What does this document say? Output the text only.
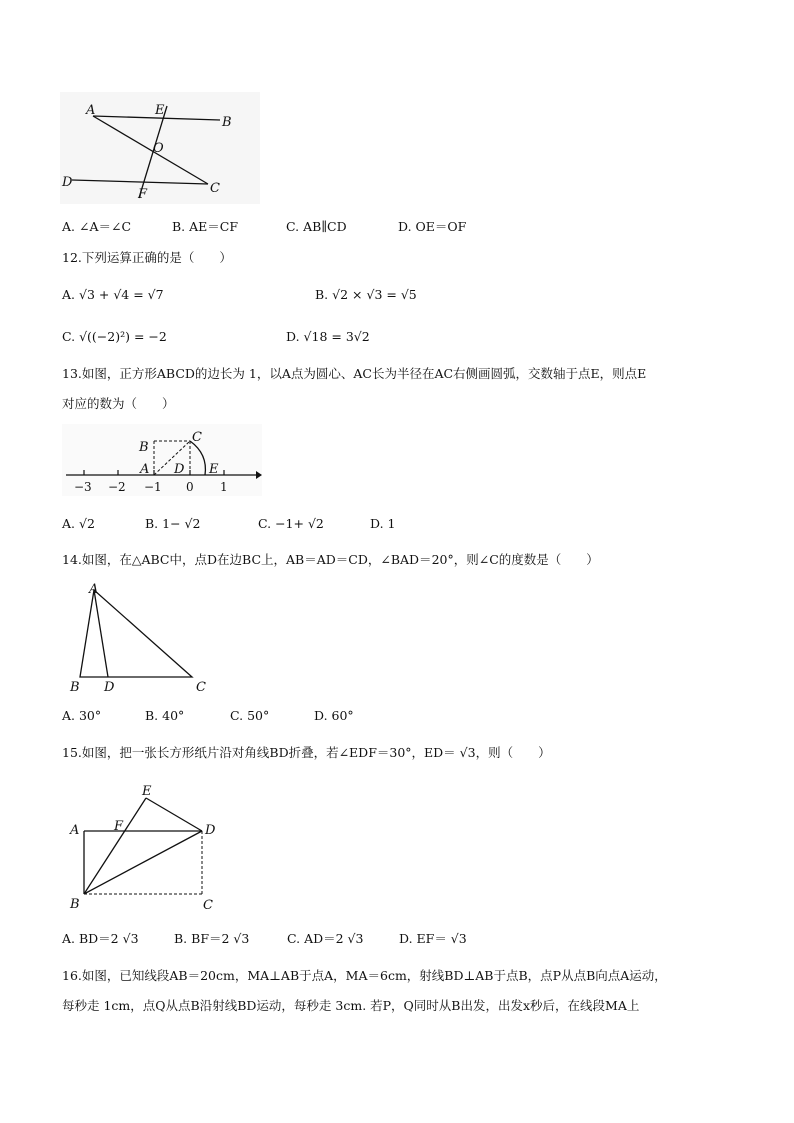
A	E
B
O
D
F	C
A. ∠A＝∠C	B. AE＝CF	C. AB∥CD	D. OE＝OF
12.下列运算正确的是（　　）
A. √3 + √4 = √7	B. √2 × √3 = √5
C. √((−2)²) = −2	D. √18 = 3√2
13.如图，正方形ABCD的边长为 1，以A点为圆心、AC长为半径在AC右侧画圆弧，交数轴于点E，则点E
对应的数为（　　）
B
C
A D E
−3 −2 −1 0 1
A. √2	B. 1− √2	C. −1+ √2	D. 1
14.如图，在△ABC中，点D在边BC上，AB＝AD＝CD，∠BAD＝20°，则∠C的度数是（　　）
A
B D	C
A. 30°	B. 40°	C. 50°	D. 60°
15.如图，把一张长方形纸片沿对角线BD折叠，若∠EDF＝30°，ED＝ √3，则（　　）
E
A	F	D
B	C
A. BD＝2 √3	B. BF＝2 √3	C. AD＝2 √3	D. EF＝ √3
16.如图，已知线段AB＝20cm，MA⊥AB于点A，MA＝6cm，射线BD⊥AB于点B，点P从点B向点A运动，
每秒走 1cm，点Q从点B沿射线BD运动，每秒走 3cm. 若P，Q同时从B出发，出发x秒后，在线段MA上
